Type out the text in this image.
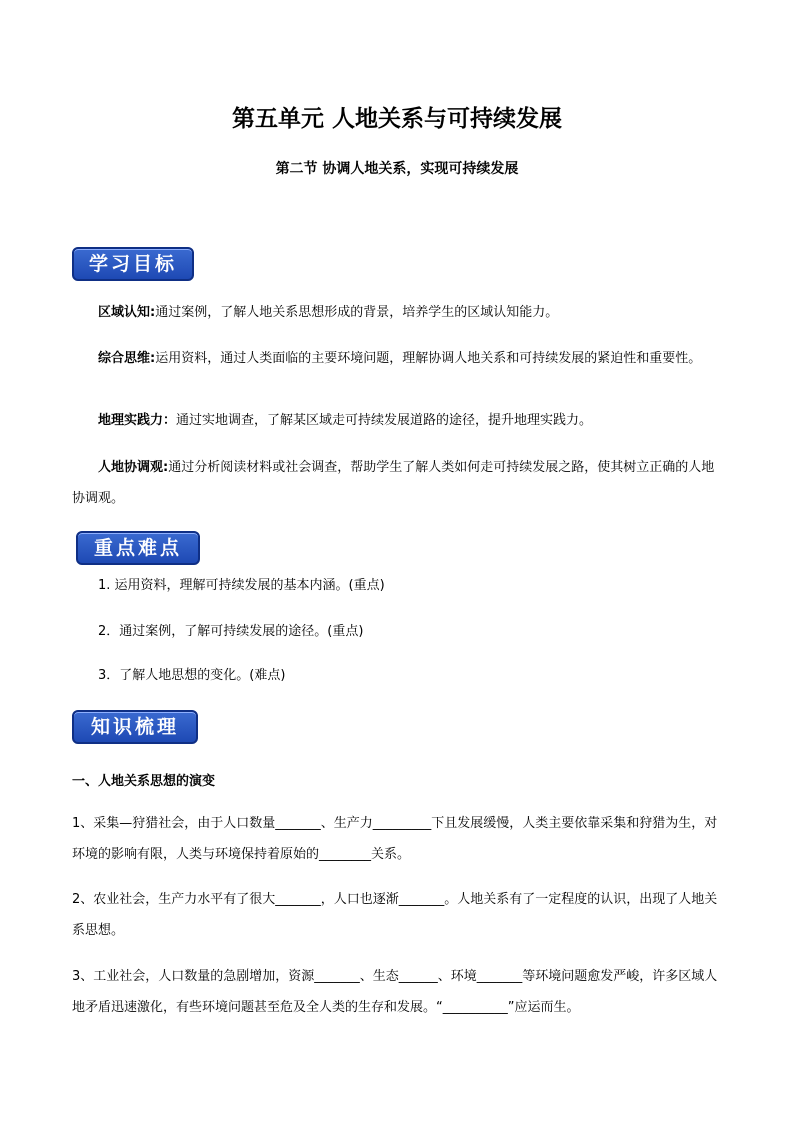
第五单元 人地关系与可持续发展
第二节 协调人地关系，实现可持续发展
学习目标
区域认知:通过案例，了解人地关系思想形成的背景，培养学生的区域认知能力。
综合思维:运用资料，通过人类面临的主要环境问题，理解协调人地关系和可持续发展的紧迫性和重要性。
地理实践力：通过实地调查，了解某区域走可持续发展道路的途径，提升地理实践力。
人地协调观:通过分析阅读材料或社会调查，帮助学生了解人类如何走可持续发展之路，使其树立正确的人地协调观。
重点难点
1. 运用资料，理解可持续发展的基本内涵。(重点)
2．通过案例，了解可持续发展的途径。(重点)
3．了解人地思想的变化。(难点)
知识梳理
一、人地关系思想的演变
1、采集—狩猎社会，由于人口数量_______、生产力_________下且发展缓慢，人类主要依靠采集和狩猎为生，对环境的影响有限，人类与环境保持着原始的________关系。
2、农业社会，生产力水平有了很大_______，人口也逐渐_______。人地关系有了一定程度的认识，出现了人地关系思想。
3、工业社会，人口数量的急剧增加，资源_______、生态______、环境_______等环境问题愈发严峻，许多区域人地矛盾迅速激化，有些环境问题甚至危及全人类的生存和发展。“__________”应运而生。
